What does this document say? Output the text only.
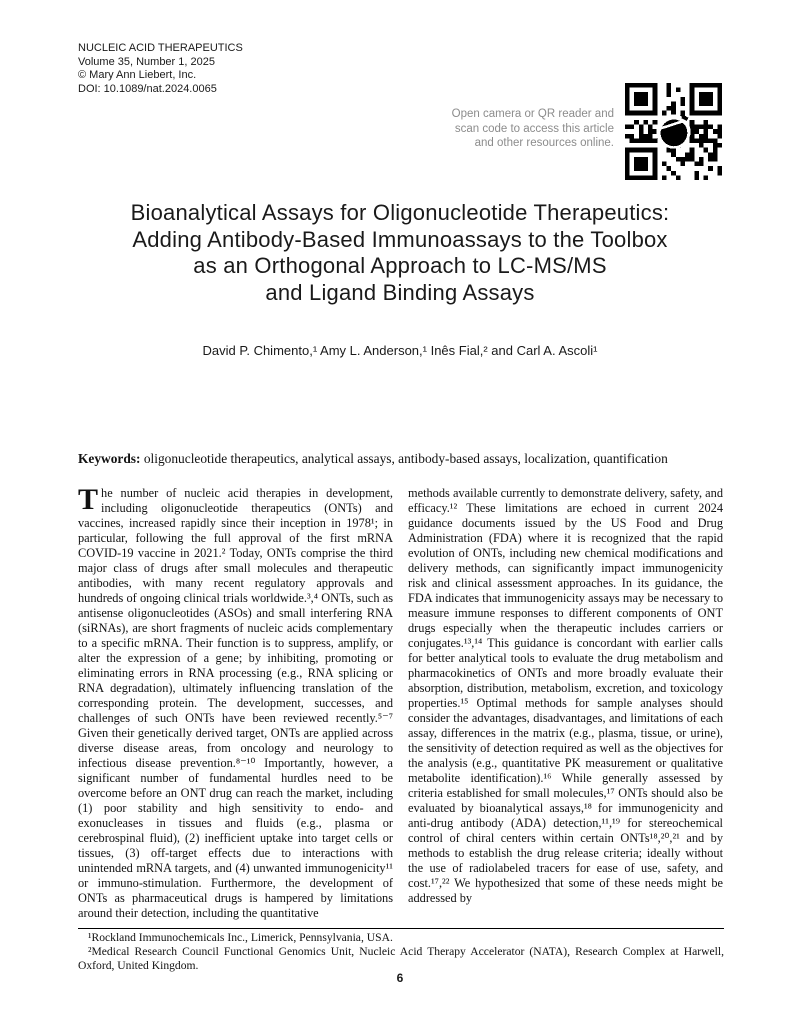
NUCLEIC ACID THERAPEUTICS
Volume 35, Number 1, 2025
© Mary Ann Liebert, Inc.
DOI: 10.1089/nat.2024.0065
Open camera or QR reader and
scan code to access this article
and other resources online.
Bioanalytical Assays for Oligonucleotide Therapeutics:
Adding Antibody-Based Immunoassays to the Toolbox
as an Orthogonal Approach to LC-MS/MS
and Ligand Binding Assays
David P. Chimento,¹ Amy L. Anderson,¹ Inês Fial,² and Carl A. Ascoli¹
Keywords: oligonucleotide therapeutics, analytical assays, antibody-based assays, localization, quantification
The number of nucleic acid therapies in development, including oligonucleotide therapeutics (ONTs) and vaccines, increased rapidly since their inception in 1978¹; in particular, following the full approval of the first mRNA COVID-19 vaccine in 2021.² Today, ONTs comprise the third major class of drugs after small molecules and therapeutic antibodies, with many recent regulatory approvals and hundreds of ongoing clinical trials worldwide.³,⁴ ONTs, such as antisense oligonucleotides (ASOs) and small interfering RNA (siRNAs), are short fragments of nucleic acids complementary to a specific mRNA. Their function is to suppress, amplify, or alter the expression of a gene; by inhibiting, promoting or eliminating errors in RNA processing (e.g., RNA splicing or RNA degradation), ultimately influencing translation of the corresponding protein. The development, successes, and challenges of such ONTs have been reviewed recently.⁵⁻⁷ Given their genetically derived target, ONTs are applied across diverse disease areas, from oncology and neurology to infectious disease prevention.⁸⁻¹⁰ Importantly, however, a significant number of fundamental hurdles need to be overcome before an ONT drug can reach the market, including (1) poor stability and high sensitivity to endo- and exonucleases in tissues and fluids (e.g., plasma or cerebrospinal fluid), (2) inefficient uptake into target cells or tissues, (3) off-target effects due to interactions with unintended mRNA targets, and (4) unwanted immunogenicity¹¹ or immuno-stimulation. Furthermore, the development of ONTs as pharmaceutical drugs is hampered by limitations around their detection, including the quantitative
methods available currently to demonstrate delivery, safety, and efficacy.¹² These limitations are echoed in current 2024 guidance documents issued by the US Food and Drug Administration (FDA) where it is recognized that the rapid evolution of ONTs, including new chemical modifications and delivery methods, can significantly impact immunogenicity risk and clinical assessment approaches. In its guidance, the FDA indicates that immunogenicity assays may be necessary to measure immune responses to different components of ONT drugs especially when the therapeutic includes carriers or conjugates.¹³,¹⁴ This guidance is concordant with earlier calls for better analytical tools to evaluate the drug metabolism and pharmacokinetics of ONTs and more broadly evaluate their absorption, distribution, metabolism, excretion, and toxicology properties.¹⁵ Optimal methods for sample analyses should consider the advantages, disadvantages, and limitations of each assay, differences in the matrix (e.g., plasma, tissue, or urine), the sensitivity of detection required as well as the objectives for the analysis (e.g., quantitative PK measurement or qualitative metabolite identification).¹⁶ While generally assessed by criteria established for small molecules,¹⁷ ONTs should also be evaluated by bioanalytical assays,¹⁸ for immunogenicity and anti-drug antibody (ADA) detection,¹¹,¹⁹ for stereochemical control of chiral centers within certain ONTs¹⁸,²⁰,²¹ and by methods to establish the drug release criteria; ideally without the use of radiolabeled tracers for ease of use, safety, and cost.¹⁷,²² We hypothesized that some of these needs might be addressed by

¹Rockland Immunochemicals Inc., Limerick, Pennsylvania, USA.

²Medical Research Council Functional Genomics Unit, Nucleic Acid Therapy Accelerator (NATA), Research Complex at Harwell, Oxford, United Kingdom.

6
